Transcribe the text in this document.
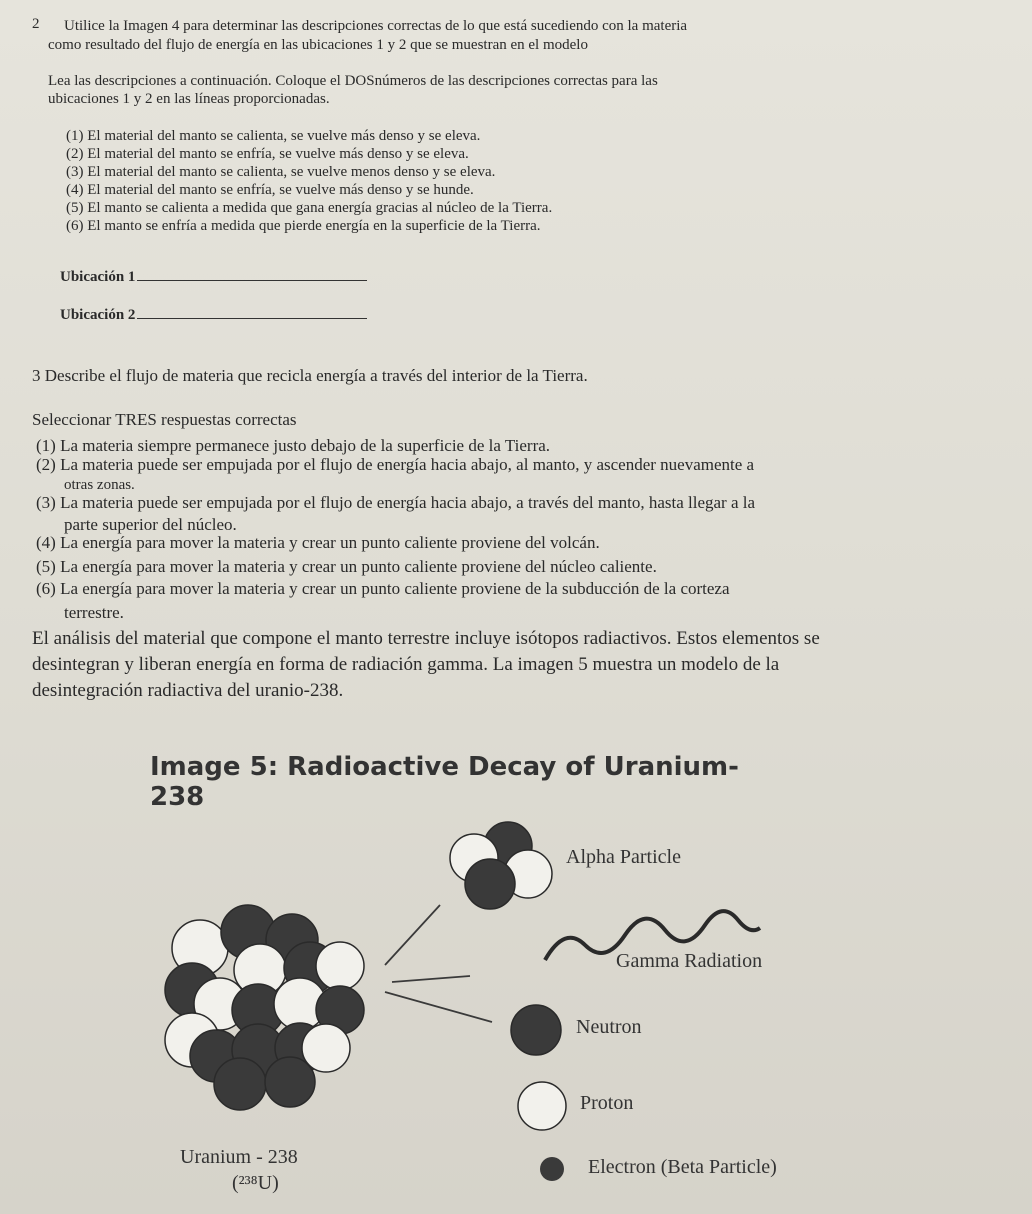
2 Utilice la Imagen 4 para determinar las descripciones correctas de lo que está sucediendo con la materia
como resultado del flujo de energía en las ubicaciones 1 y 2 que se muestran en el modelo
Lea las descripciones a continuación. Coloque el DOSnúmeros de las descripciones correctas para las
ubicaciones 1 y 2 en las líneas proporcionadas.
(1) El material del manto se calienta, se vuelve más denso y se eleva.
(2) El material del manto se enfría, se vuelve más denso y se eleva.
(3) El material del manto se calienta, se vuelve menos denso y se eleva.
(4) El material del manto se enfría, se vuelve más denso y se hunde.
(5) El manto se calienta a medida que gana energía gracias al núcleo de la Tierra.
(6) El manto se enfría a medida que pierde energía en la superficie de la Tierra.
Ubicación 1
Ubicación 2
3 Describe el flujo de materia que recicla energía a través del interior de la Tierra.
Seleccionar TRES respuestas correctas
(1) La materia siempre permanece justo debajo de la superficie de la Tierra.
(2) La materia puede ser empujada por el flujo de energía hacia abajo, al manto, y ascender nuevamente a
otras zonas.
(3) La materia puede ser empujada por el flujo de energía hacia abajo, a través del manto, hasta llegar a la
parte superior del núcleo.
(4) La energía para mover la materia y crear un punto caliente proviene del volcán.
(5) La energía para mover la materia y crear un punto caliente proviene del núcleo caliente.
(6) La energía para mover la materia y crear un punto caliente proviene de la subducción de la corteza
terrestre.
El análisis del material que compone el manto terrestre incluye isótopos radiactivos. Estos elementos se
desintegran y liberan energía en forma de radiación gamma. La imagen 5 muestra un modelo de la
desintegración radiactiva del uranio-238.
Image 5: Radioactive Decay of Uranium-238
Alpha Particle
Gamma Radiation
Neutron
Proton
Uranium - 238
(²³⁸U)
Electron (Beta Particle)
